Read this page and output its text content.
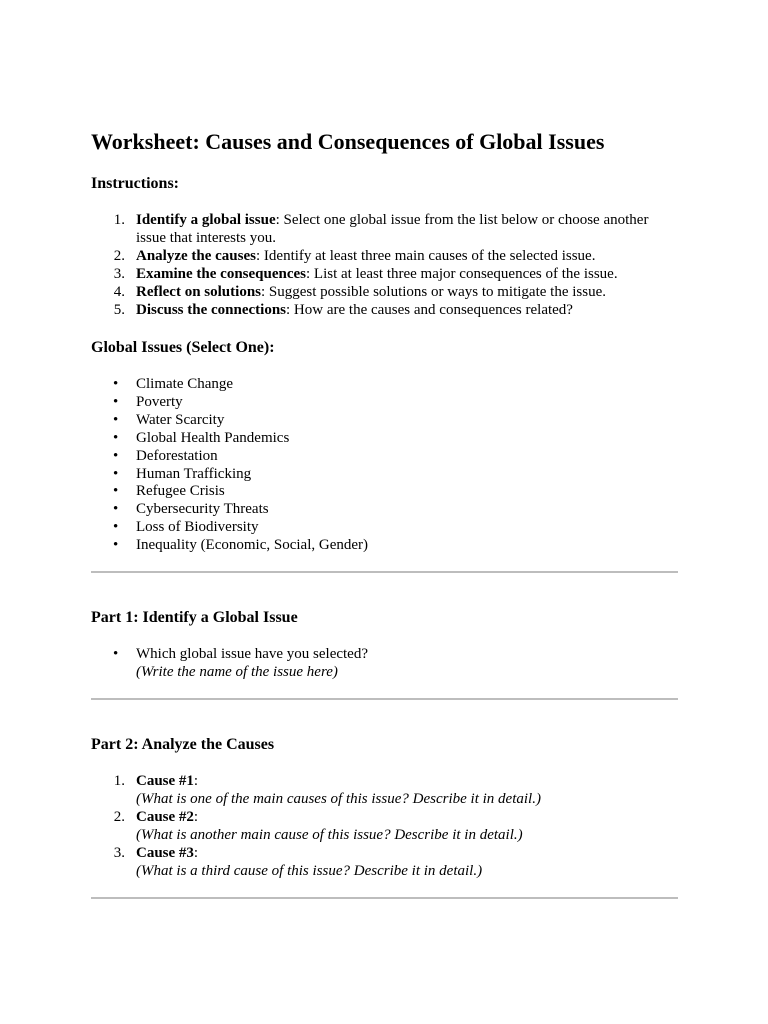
Worksheet: Causes and Consequences of Global Issues
Instructions:
1. Identify a global issue: Select one global issue from the list below or choose another issue that interests you.
2. Analyze the causes: Identify at least three main causes of the selected issue.
3. Examine the consequences: List at least three major consequences of the issue.
4. Reflect on solutions: Suggest possible solutions or ways to mitigate the issue.
5. Discuss the connections: How are the causes and consequences related?
Global Issues (Select One):
• Climate Change
• Poverty
• Water Scarcity
• Global Health Pandemics
• Deforestation
• Human Trafficking
• Refugee Crisis
• Cybersecurity Threats
• Loss of Biodiversity
• Inequality (Economic, Social, Gender)
Part 1: Identify a Global Issue
• Which global issue have you selected?
(Write the name of the issue here)
Part 2: Analyze the Causes
1. Cause #1:
(What is one of the main causes of this issue? Describe it in detail.)
2. Cause #2:
(What is another main cause of this issue? Describe it in detail.)
3. Cause #3:
(What is a third cause of this issue? Describe it in detail.)
